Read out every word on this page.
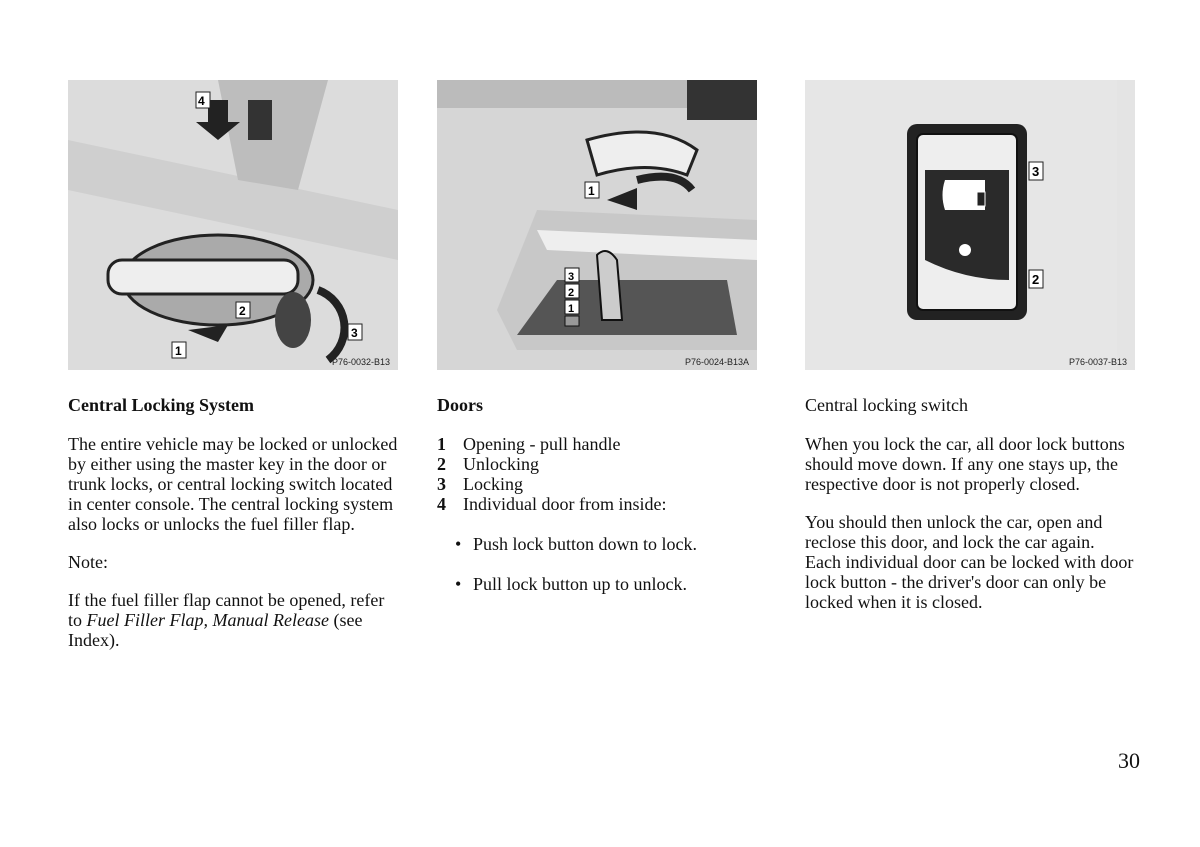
4
2
3
1
P76-0032-B13
Central Locking System
The entire vehicle may be locked or unlocked by either using the master key in the door or trunk locks, or central locking switch located in center console. The central locking system also locks or unlocks the fuel filler flap.
Note:
If the fuel filler flap cannot be opened, refer to Fuel Filler Flap, Manual Release (see Index).
1
3
2
1
P76-0024-B13A
Doors
1 Opening - pull handle
2 Unlocking
3 Locking
4 Individual door from inside:
• Push lock button down to lock.
• Pull lock button up to unlock.
3
2
P76-0037-B13
Central locking switch
When you lock the car, all door lock buttons should move down. If any one stays up, the respective door is not properly closed.
You should then unlock the car, open and reclose this door, and lock the car again. Each individual door can be locked with door lock button - the driver's door can only be locked when it is closed.
30
